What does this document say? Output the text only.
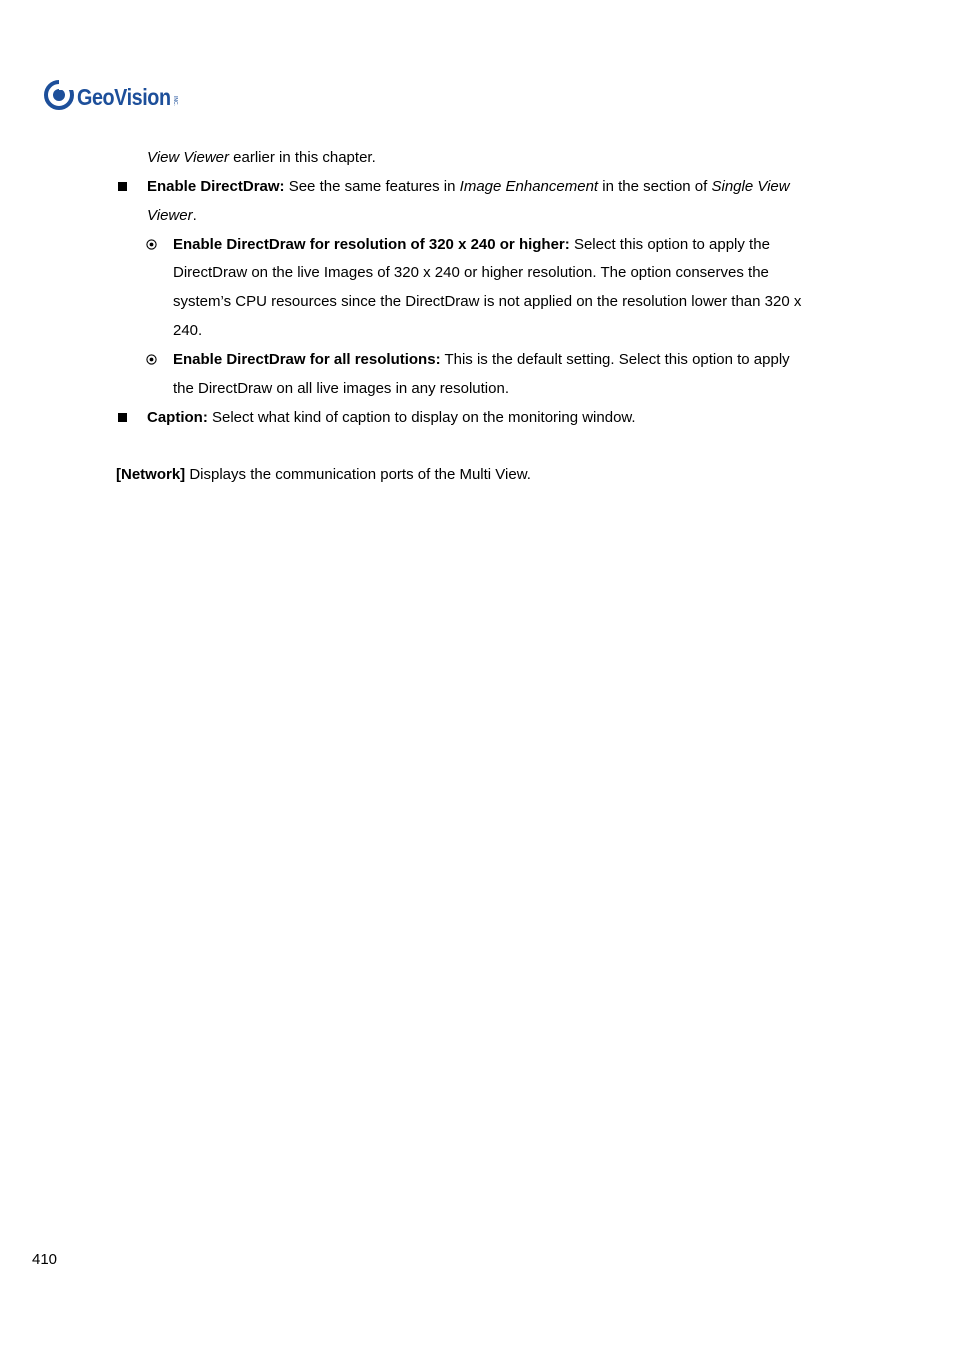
GeoVision INC.
View Viewer earlier in this chapter.
Enable DirectDraw: See the same features in Image Enhancement in the section of Single View
Viewer.
Enable DirectDraw for resolution of 320 x 240 or higher: Select this option to apply the
DirectDraw on the live Images of 320 x 240 or higher resolution. The option conserves the
system’s CPU resources since the DirectDraw is not applied on the resolution lower than 320 x
240.
Enable DirectDraw for all resolutions: This is the default setting. Select this option to apply
the DirectDraw on all live images in any resolution.
Caption: Select what kind of caption to display on the monitoring window.
[Network] Displays the communication ports of the Multi View.
410
